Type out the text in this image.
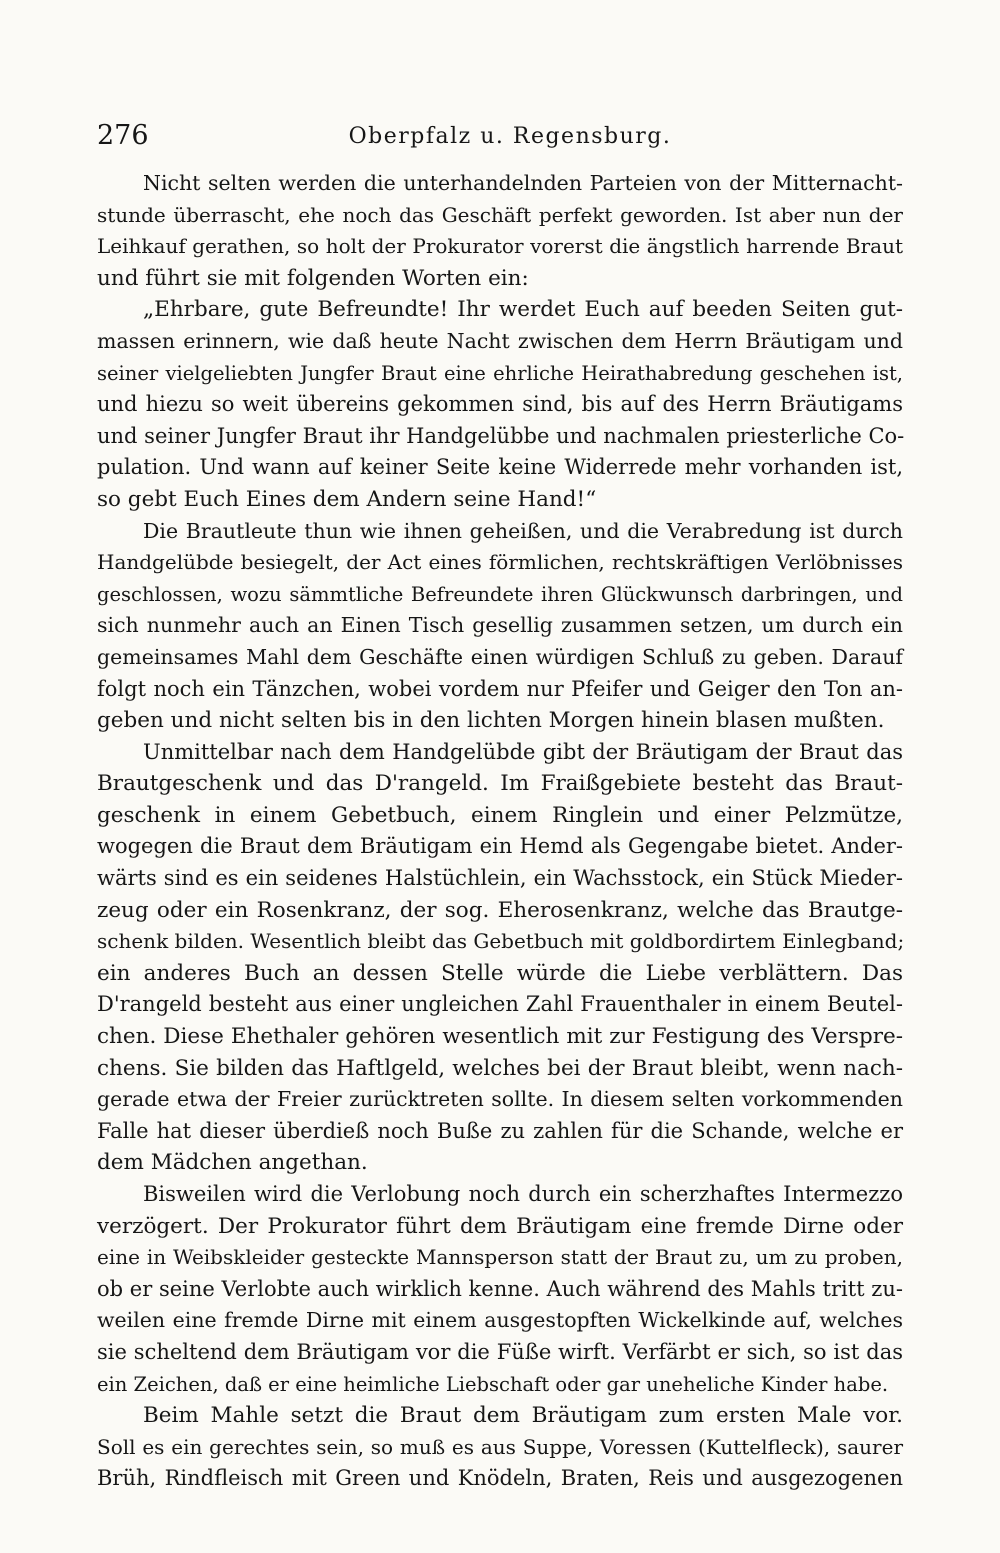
276	Oberpfalz u. Regensburg.
Nicht selten werden die unterhandelnden Parteien von der Mitternacht-
stunde überrascht, ehe noch das Geschäft perfekt geworden. Ist aber nun der
Leihkauf gerathen, so holt der Prokurator vorerst die ängstlich harrende Braut
und führt sie mit folgenden Worten ein:
„Ehrbare, gute Befreundte! Ihr werdet Euch auf beeden Seiten gut-
massen erinnern, wie daß heute Nacht zwischen dem Herrn Bräutigam und
seiner vielgeliebten Jungfer Braut eine ehrliche Heirathabredung geschehen ist,
und hiezu so weit übereins gekommen sind, bis auf des Herrn Bräutigams
und seiner Jungfer Braut ihr Handgelübbe und nachmalen priesterliche Co-
pulation. Und wann auf keiner Seite keine Widerrede mehr vorhanden ist,
so gebt Euch Eines dem Andern seine Hand!“
Die Brautleute thun wie ihnen geheißen, und die Verabredung ist durch
Handgelübde besiegelt, der Act eines förmlichen, rechtskräftigen Verlöbnisses
geschlossen, wozu sämmtliche Befreundete ihren Glückwunsch darbringen, und
sich nunmehr auch an Einen Tisch gesellig zusammen setzen, um durch ein
gemeinsames Mahl dem Geschäfte einen würdigen Schluß zu geben. Darauf
folgt noch ein Tänzchen, wobei vordem nur Pfeifer und Geiger den Ton an-
geben und nicht selten bis in den lichten Morgen hinein blasen mußten.
Unmittelbar nach dem Handgelübde gibt der Bräutigam der Braut das
Brautgeschenk und das D'rangeld. Im Fraißgebiete besteht das Braut-
geschenk in einem Gebetbuch, einem Ringlein und einer Pelzmütze,
wogegen die Braut dem Bräutigam ein Hemd als Gegengabe bietet. Ander-
wärts sind es ein seidenes Halstüchlein, ein Wachsstock, ein Stück Mieder-
zeug oder ein Rosenkranz, der sog. Eherosenkranz, welche das Brautge-
schenk bilden. Wesentlich bleibt das Gebetbuch mit goldbordirtem Einlegband;
ein anderes Buch an dessen Stelle würde die Liebe verblättern. Das
D'rangeld besteht aus einer ungleichen Zahl Frauenthaler in einem Beutel-
chen. Diese Ehethaler gehören wesentlich mit zur Festigung des Verspre-
chens. Sie bilden das Haftlgeld, welches bei der Braut bleibt, wenn nach-
gerade etwa der Freier zurücktreten sollte. In diesem selten vorkommenden
Falle hat dieser überdieß noch Buße zu zahlen für die Schande, welche er
dem Mädchen angethan.
Bisweilen wird die Verlobung noch durch ein scherzhaftes Intermezzo
verzögert. Der Prokurator führt dem Bräutigam eine fremde Dirne oder
eine in Weibskleider gesteckte Mannsperson statt der Braut zu, um zu proben,
ob er seine Verlobte auch wirklich kenne. Auch während des Mahls tritt zu-
weilen eine fremde Dirne mit einem ausgestopften Wickelkinde auf, welches
sie scheltend dem Bräutigam vor die Füße wirft. Verfärbt er sich, so ist das
ein Zeichen, daß er eine heimliche Liebschaft oder gar uneheliche Kinder habe.
Beim Mahle setzt die Braut dem Bräutigam zum ersten Male vor.
Soll es ein gerechtes sein, so muß es aus Suppe, Voressen (Kuttelfleck), saurer
Brüh, Rindfleisch mit Green und Knödeln, Braten, Reis und ausgezogenen
